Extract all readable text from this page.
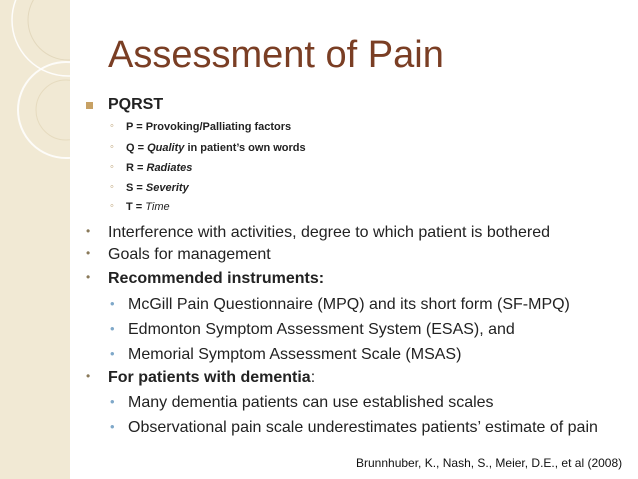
Assessment of Pain
PQRST
◦ P = Provoking/Palliating factors
◦ Q = Quality in patient’s own words
◦ R = Radiates
◦ S = Severity
◦ T = Time
• Interference with activities, degree to which patient is bothered
• Goals for management
• Recommended instruments:
• McGill Pain Questionnaire (MPQ) and its short form (SF-MPQ)
• Edmonton Symptom Assessment System (ESAS), and
• Memorial Symptom Assessment Scale (MSAS)
• For patients with dementia:
• Many dementia patients can use established scales
• Observational pain scale underestimates patients’ estimate of pain
Brunnhuber, K., Nash, S., Meier, D.E., et al (2008)
